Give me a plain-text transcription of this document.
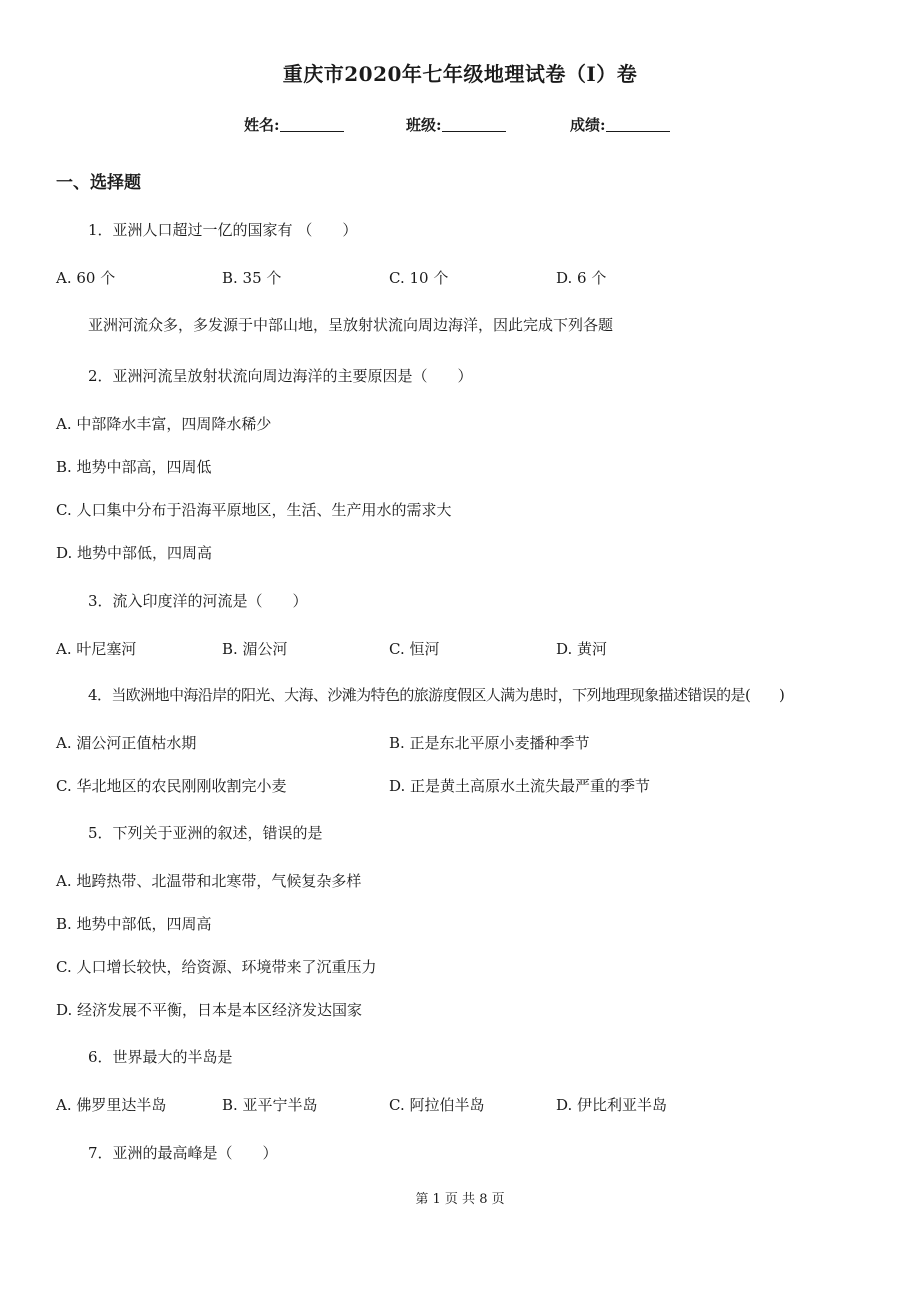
重庆市2020年七年级地理试卷（I）卷
姓名:	班级:	成绩:
一、选择题
1．亚洲人口超过一亿的国家有 （　　）
A. 60 个	B. 35 个	C. 10 个	D. 6 个
亚洲河流众多，多发源于中部山地，呈放射状流向周边海洋，因此完成下列各题
2．亚洲河流呈放射状流向周边海洋的主要原因是（　　）
A. 中部降水丰富，四周降水稀少
B. 地势中部高，四周低
C. 人口集中分布于沿海平原地区，生活、生产用水的需求大
D. 地势中部低，四周高
3．流入印度洋的河流是（　　）
A. 叶尼塞河	B. 湄公河	C. 恒河	D. 黄河
4．当欧洲地中海沿岸的阳光、大海、沙滩为特色的旅游度假区人满为患时，下列地理现象描述错误的是(　　)
A. 湄公河正值枯水期	B. 正是东北平原小麦播种季节
C. 华北地区的农民刚刚收割完小麦	D. 正是黄土高原水土流失最严重的季节
5．下列关于亚洲的叙述，错误的是
A. 地跨热带、北温带和北寒带，气候复杂多样
B. 地势中部低，四周高
C. 人口增长较快，给资源、环境带来了沉重压力
D. 经济发展不平衡，日本是本区经济发达国家
6．世界最大的半岛是
A. 佛罗里达半岛	B. 亚平宁半岛	C. 阿拉伯半岛	D. 伊比利亚半岛
7．亚洲的最高峰是（　　）
第 1 页 共 8 页
